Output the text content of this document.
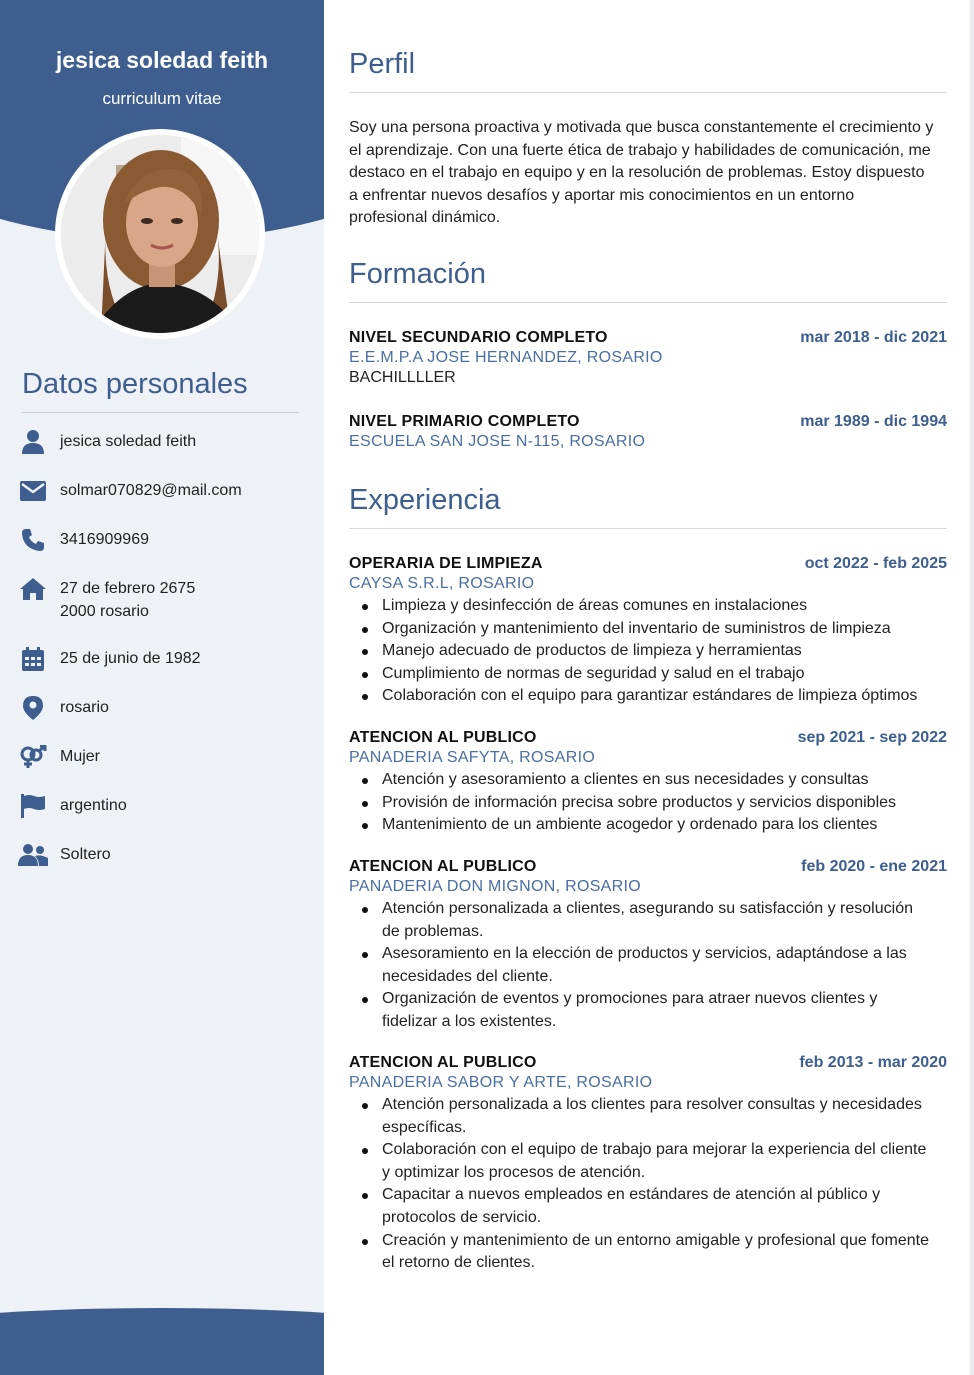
jesica soledad feith
curriculum vitae
Datos personales
jesica soledad feith
solmar070829@mail.com
3416909969
27 de febrero 2675
2000 rosario
25 de junio de 1982
rosario
Mujer
argentino
Soltero
Perfil
Soy una persona proactiva y motivada que busca constantemente el crecimiento y
el aprendizaje. Con una fuerte ética de trabajo y habilidades de comunicación, me
destaco en el trabajo en equipo y en la resolución de problemas. Estoy dispuesto
a enfrentar nuevos desafíos y aportar mis conocimientos en un entorno
profesional dinámico.
Formación
NIVEL SECUNDARIO COMPLETO	mar 2018 - dic 2021
E.E.M.P.A JOSE HERNANDEZ, ROSARIO
BACHILLLLER
NIVEL PRIMARIO COMPLETO	mar 1989 - dic 1994
ESCUELA SAN JOSE N-115, ROSARIO
Experiencia
OPERARIA DE LIMPIEZA	oct 2022 - feb 2025
CAYSA S.R.L, ROSARIO
Limpieza y desinfección de áreas comunes en instalaciones
Organización y mantenimiento del inventario de suministros de limpieza
Manejo adecuado de productos de limpieza y herramientas
Cumplimiento de normas de seguridad y salud en el trabajo
Colaboración con el equipo para garantizar estándares de limpieza óptimos
ATENCION AL PUBLICO	sep 2021 - sep 2022
PANADERIA SAFYTA, ROSARIO
Atención y asesoramiento a clientes en sus necesidades y consultas
Provisión de información precisa sobre productos y servicios disponibles
Mantenimiento de un ambiente acogedor y ordenado para los clientes
ATENCION AL PUBLICO	feb 2020 - ene 2021
PANADERIA DON MIGNON, ROSARIO
Atención personalizada a clientes, asegurando su satisfacción y resolución
de problemas.
Asesoramiento en la elección de productos y servicios, adaptándose a las
necesidades del cliente.
Organización de eventos y promociones para atraer nuevos clientes y
fidelizar a los existentes.
ATENCION AL PUBLICO	feb 2013 - mar 2020
PANADERIA SABOR Y ARTE, ROSARIO
Atención personalizada a los clientes para resolver consultas y necesidades
específicas.
Colaboración con el equipo de trabajo para mejorar la experiencia del cliente
y optimizar los procesos de atención.
Capacitar a nuevos empleados en estándares de atención al público y
protocolos de servicio.
Creación y mantenimiento de un entorno amigable y profesional que fomente
el retorno de clientes.
